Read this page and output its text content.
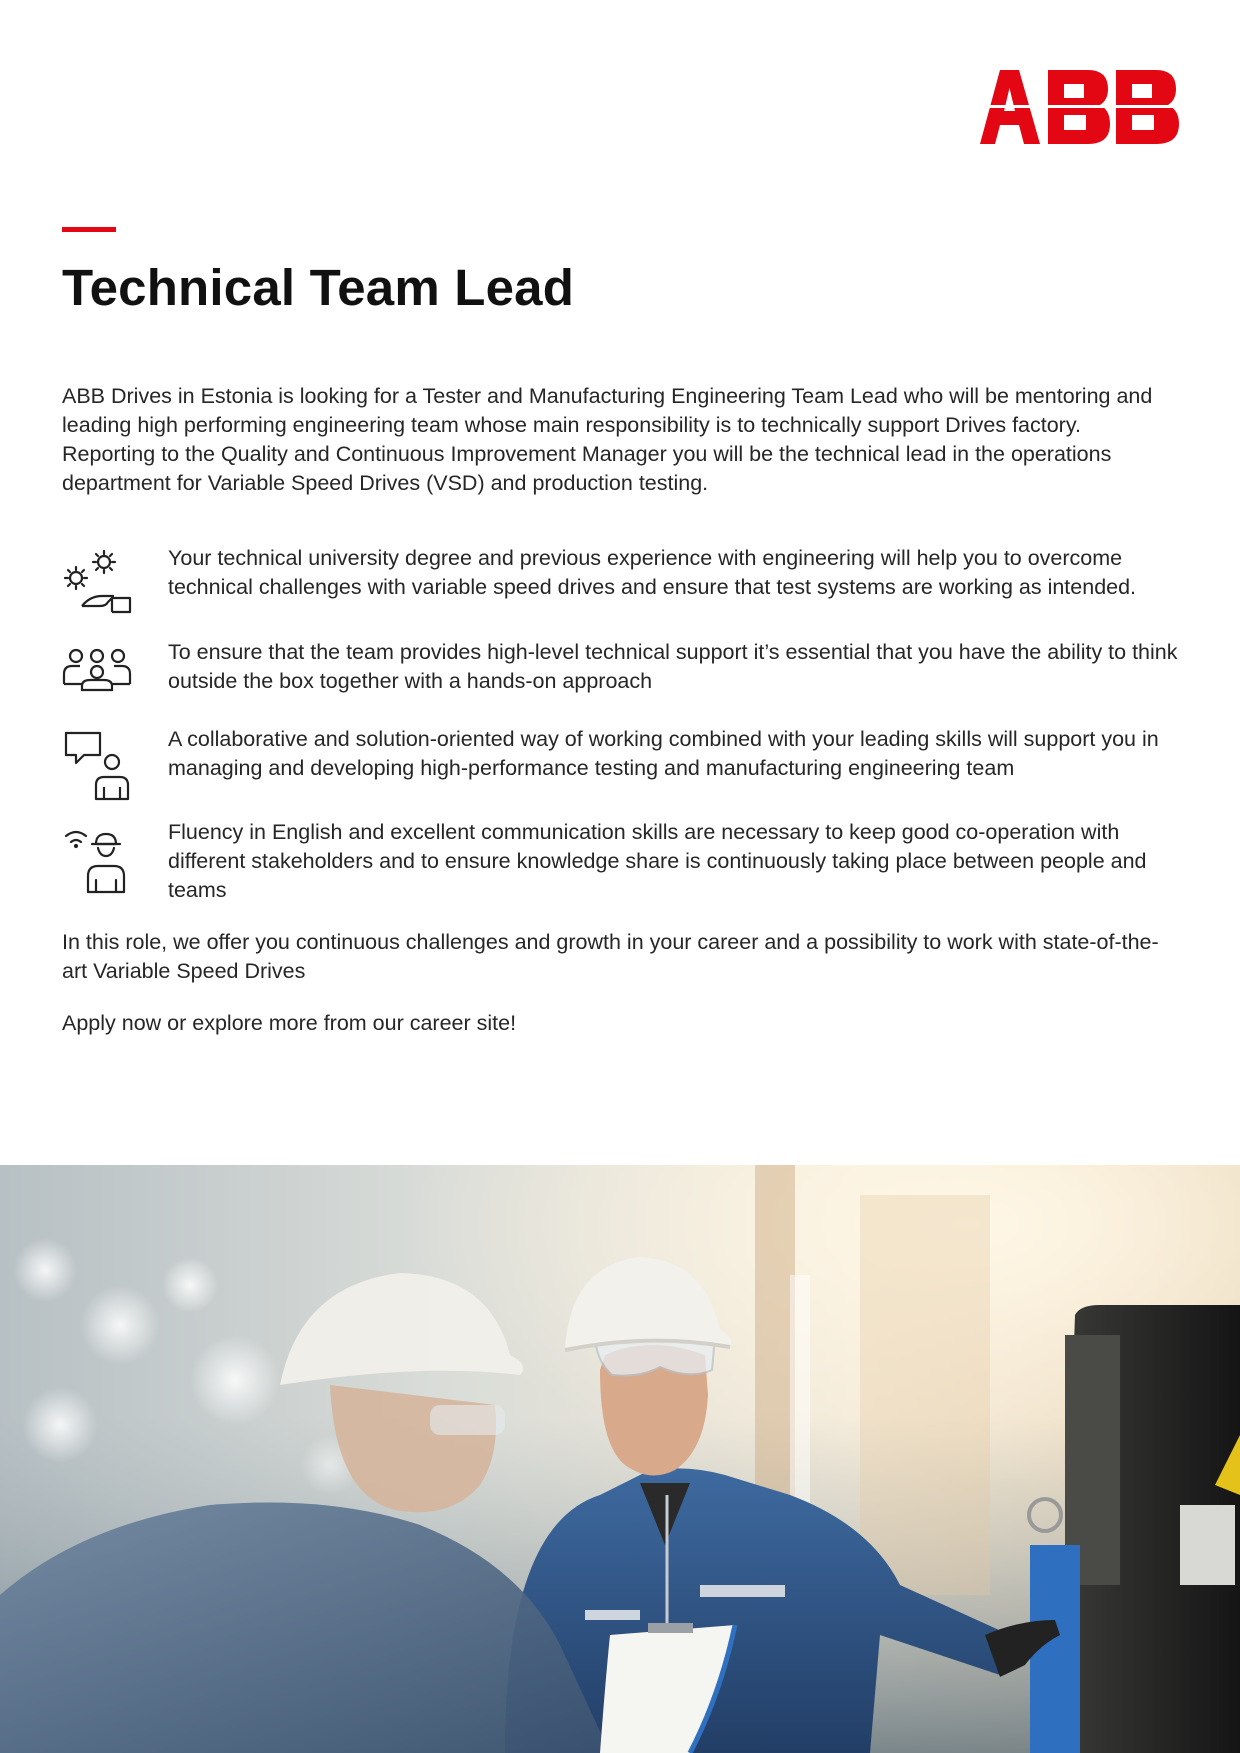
Technical Team Lead

ABB Drives in Estonia is looking for a Tester and Manufacturing Engineering Team Lead who will be mentoring and leading high performing engineering team whose main responsibility is to technically support Drives factory.

Reporting to the Quality and Continuous Improvement Manager you will be the technical lead in the operations department for Variable Speed Drives (VSD) and production testing.

Your technical university degree and previous experience with engineering will help you to overcome technical challenges with variable speed drives and ensure that test systems are working as intended.

To ensure that the team provides high-level technical support it’s essential that you have the ability to think outside the box together with a hands-on approach

A collaborative and solution-oriented way of working combined with your leading skills will support you in managing and developing high-performance testing and manufacturing engineering team

Fluency in English and excellent communication skills are necessary to keep good co-operation with different stakeholders and to ensure knowledge share is continuously taking place between people and teams

In this role, we offer you continuous challenges and growth in your career and a possibility to work with state-of-the-art Variable Speed Drives

Apply now or explore more from our career site!
